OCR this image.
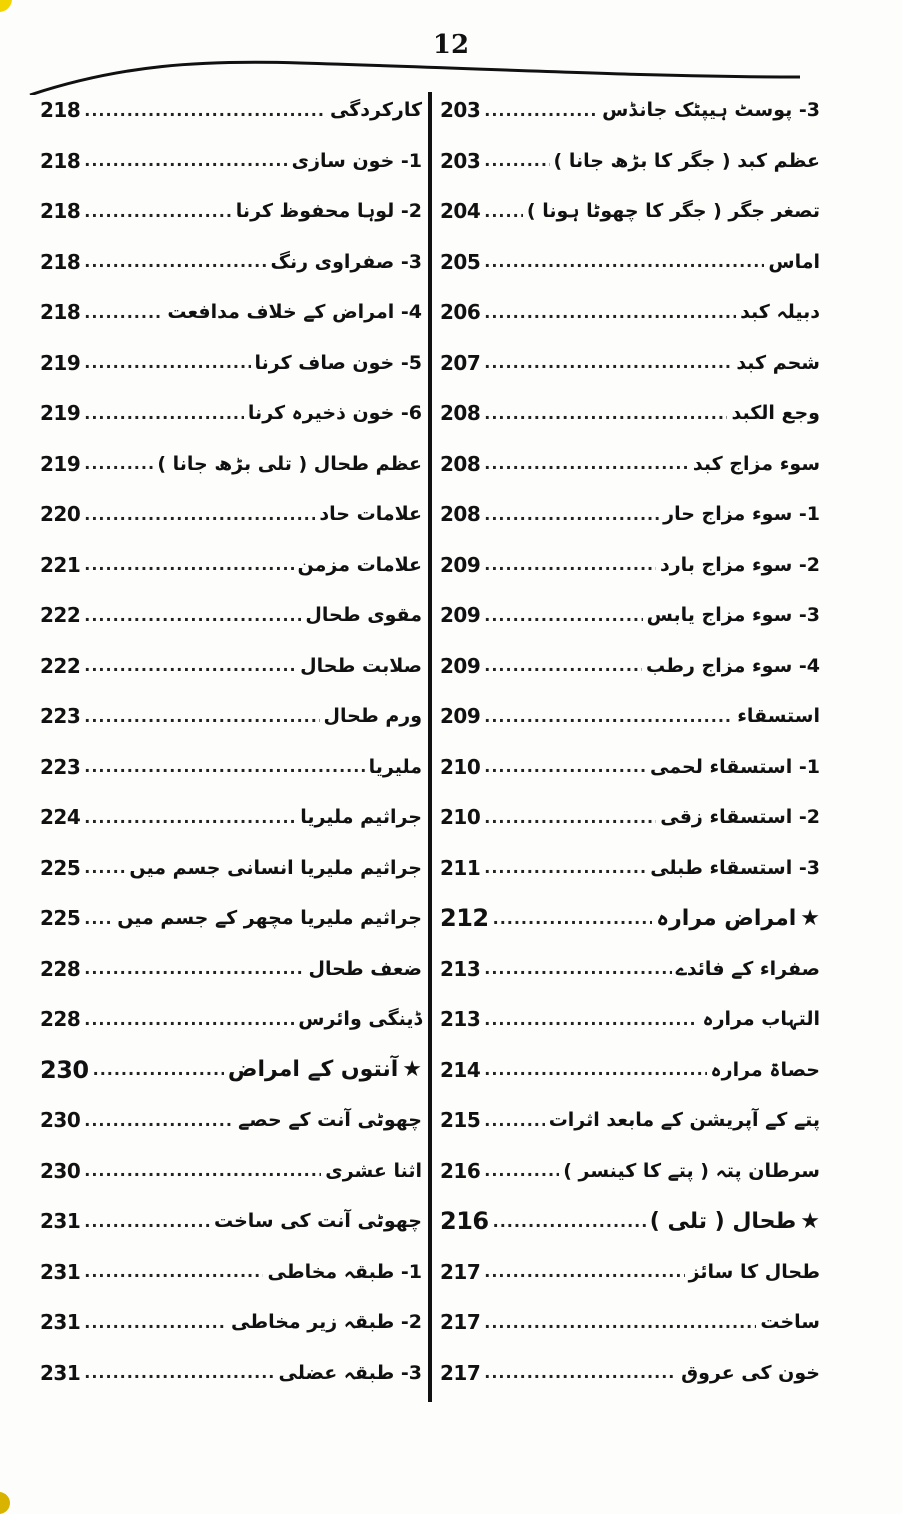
12
203 .....	3- پوسٹ ہیپٹک جانڈس
203 .....	عظم کبد ( جگر کا بڑھ جانا )
204 ..... تصغر جگر ( جگر کا چھوٹا ہونا )
205 .....	اماس
206 .....	دبیلہ کبد
207 .....	شحم کبد
208 .....	وجع الکبد
208 .....	سوء مزاج کبد
208 .....	1- سوء مزاج حار
209 .....	2- سوء مزاج بارد
209 .....	3- سوء مزاج یابس
209 .....	4- سوء مزاج رطب
209 .....	استسقاء
210 .....	1- استسقاء لحمی
210 .....	2- استسقاء زقی
211 .....	3- استسقاء طبلی
212 .....	★امراض مرارہ
213 .....	صفراء کے فائدے
213 .....	التہاب مرارہ
214 .....	حصاۃ مرارہ
215 .....	پتے کے آپریشن کے مابعد اثرات
216 .....	سرطان پتہ ( پتے کا کینسر )
216 .....	★طحال ( تلی )
217 .....	طحال کا سائز
217 .....	ساخت
217 .....	خون کی عروق
218 .....	کارکردگی
218 .....	1- خون سازی
218 .....	2- لوہا محفوظ کرنا
218 .....	3- صفراوی رنگ
218 .....	4- امراض کے خلاف مدافعت
219 .....	5- خون صاف کرنا
219 .....	6- خون ذخیرہ کرنا
219 .....	عظم طحال ( تلی بڑھ جانا )
220 .....	علامات حاد
221 .....	علامات مزمن
222 .....	مقوی طحال
222 .....	صلابت طحال
223 .....	ورم طحال
223 .....	ملیریا
224 .....	جراثیم ملیریا
225 .....	جراثیم ملیریا انسانی جسم میں
225 ..... جراثیم ملیریا مچھر کے جسم میں
228 .....	ضعف طحال
228 .....	ڈینگی وائرس
230 .....	★آنتوں کے امراض
230 .....	چھوٹی آنت کے حصے
230 .....	اثنا عشری
231 .....	چھوٹی آنت کی ساخت
231 .....	1- طبقہ مخاطی
231 .....	2- طبقہ زیر مخاطی
231 .....	3- طبقہ عضلی
